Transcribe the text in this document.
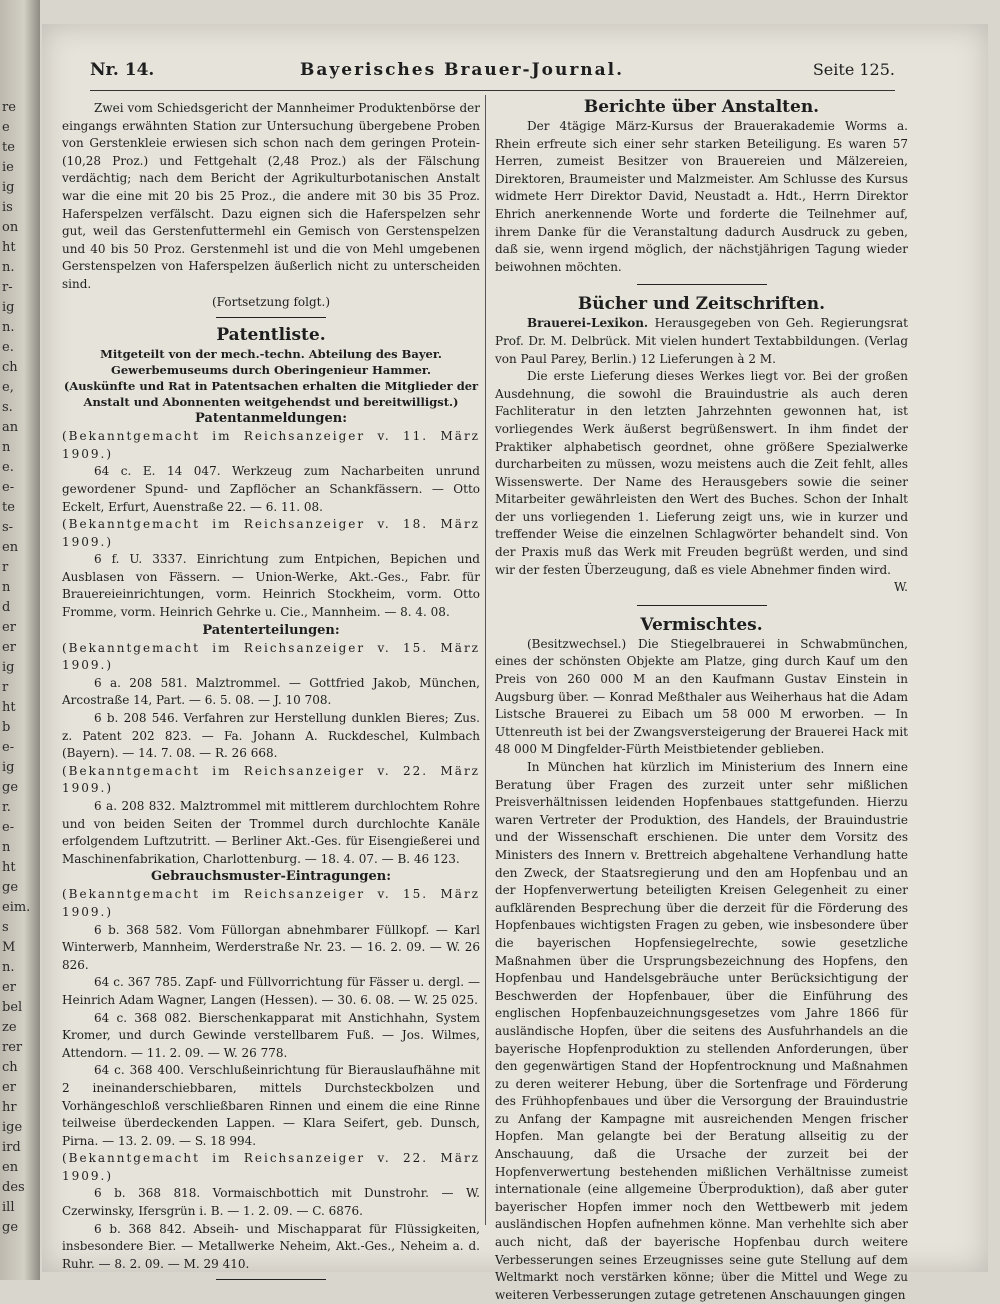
re
e
te
ie
ig
is
on
ht
n.
r-
ig
n.
e.
ch
e,
s.
an
n
e.
e-
te
s-
en
r
n
d
er
er
ig
r
ht
b
e-
ig
ge
r.
e-
n
ht
ge
eim.
s
M
n.
er
bel
ze
rer
ch
er
hr
ige
ird
en
des
ill
ge
Nr. 14.	Bayerisches Brauer-Journal.	Seite 125.

Zwei vom Schiedsgericht der Mannheimer Produktenbörse der eingangs erwähnten Station zur Untersuchung übergebene Proben von Gerstenkleie erwiesen sich schon nach dem geringen Protein- (10,28 Proz.) und Fettgehalt (2,48 Proz.) als der Fälschung verdächtig; nach dem Bericht der Agrikulturbotanischen Anstalt war die eine mit 20 bis 25 Proz., die andere mit 30 bis 35 Proz. Haferspelzen verfälscht. Dazu eignen sich die Haferspelzen sehr gut, weil das Gerstenfuttermehl ein Gemisch von Gerstenspelzen und 40 bis 50 Proz. Gerstenmehl ist und die von Mehl umgebenen Gerstenspelzen von Haferspelzen äußerlich nicht zu unterscheiden sind.

(Fortsetzung folgt.)

Patentliste.

Mitgeteilt von der mech.-techn. Abteilung des Bayer. Gewerbemuseums durch Oberingenieur Hammer.

(Auskünfte und Rat in Patentsachen erhalten die Mitglieder der Anstalt und Abonnenten weitgehendst und bereitwilligst.)

Patentanmeldungen:

(Bekanntgemacht im Reichsanzeiger v. 11. März 1909.)

64 c. E. 14 047. Werkzeug zum Nacharbeiten unrund gewordener Spund- und Zapflöcher an Schankfässern. — Otto Eckelt, Erfurt, Auenstraße 22. — 6. 11. 08.

(Bekanntgemacht im Reichsanzeiger v. 18. März 1909.)

6 f. U. 3337. Einrichtung zum Entpichen, Bepichen und Ausblasen von Fässern. — Union-Werke, Akt.-Ges., Fabr. für Brauereieinrichtungen, vorm. Heinrich Stockheim, vorm. Otto Fromme, vorm. Heinrich Gehrke u. Cie., Mannheim. — 8. 4. 08.

Patenterteilungen:

(Bekanntgemacht im Reichsanzeiger v. 15. März 1909.)

6 a. 208 581. Malztrommel. — Gottfried Jakob, München, Arcostraße 14, Part. — 6. 5. 08. — J. 10 708.

6 b. 208 546. Verfahren zur Herstellung dunklen Bieres; Zus. z. Patent 202 823. — Fa. Johann A. Ruckdeschel, Kulmbach (Bayern). — 14. 7. 08. — R. 26 668.

(Bekanntgemacht im Reichsanzeiger v. 22. März 1909.)

6 a. 208 832. Malztrommel mit mittlerem durchlochtem Rohre und von beiden Seiten der Trommel durch durchlochte Kanäle erfolgendem Luftzutritt. — Berliner Akt.-Ges. für Eisengießerei und Maschinenfabrikation, Charlottenburg. — 18. 4. 07. — B. 46 123.

Gebrauchsmuster-Eintragungen:

(Bekanntgemacht im Reichsanzeiger v. 15. März 1909.)

6 b. 368 582. Vom Füllorgan abnehmbarer Füllkopf. — Karl Winterwerb, Mannheim, Werderstraße Nr. 23. — 16. 2. 09. — W. 26 826.

64 c. 367 785. Zapf- und Füllvorrichtung für Fässer u. dergl. — Heinrich Adam Wagner, Langen (Hessen). — 30. 6. 08. — W. 25 025.

64 c. 368 082. Bierschenkapparat mit Anstichhahn, System Kromer, und durch Gewinde verstellbarem Fuß. — Jos. Wilmes, Attendorn. — 11. 2. 09. — W. 26 778.

64 c. 368 400. Verschlußeinrichtung für Bierauslaufhähne mit 2 ineinanderschiebbaren, mittels Durchsteckbolzen und Vorhängeschloß verschließbaren Rinnen und einem die eine Rinne teilweise überdeckenden Lappen. — Klara Seifert, geb. Dunsch, Pirna. — 13. 2. 09. — S. 18 994.

(Bekanntgemacht im Reichsanzeiger v. 22. März 1909.)

6 b. 368 818. Vormaischbottich mit Dunstrohr. — W. Czerwinsky, Ifersgrün i. B. — 1. 2. 09. — C. 6876.

6 b. 368 842. Abseih- und Mischapparat für Flüssigkeiten, insbesondere Bier. — Metallwerke Neheim, Akt.-Ges., Neheim a. d. Ruhr. — 8. 2. 09. — M. 29 410.

Berichte über Anstalten.

Der 4tägige März-Kursus der Brauerakademie Worms a. Rhein erfreute sich einer sehr starken Beteiligung. Es waren 57 Herren, zumeist Besitzer von Brauereien und Mälzereien, Direktoren, Braumeister und Malzmeister. Am Schlusse des Kursus widmete Herr Direktor David, Neustadt a. Hdt., Herrn Direktor Ehrich anerkennende Worte und forderte die Teilnehmer auf, ihrem Danke für die Veranstaltung dadurch Ausdruck zu geben, daß sie, wenn irgend möglich, der nächstjährigen Tagung wieder beiwohnen möchten.

Bücher und Zeitschriften.

Brauerei-Lexikon. Herausgegeben von Geh. Regierungsrat Prof. Dr. M. Delbrück. Mit vielen hundert Textabbildungen. (Verlag von Paul Parey, Berlin.) 12 Lieferungen à 2 M.

Die erste Lieferung dieses Werkes liegt vor. Bei der großen Ausdehnung, die sowohl die Brauindustrie als auch deren Fachliteratur in den letzten Jahrzehnten gewonnen hat, ist vorliegendes Werk äußerst begrüßenswert. In ihm findet der Praktiker alphabetisch geordnet, ohne größere Spezialwerke durcharbeiten zu müssen, wozu meistens auch die Zeit fehlt, alles Wissenswerte. Der Name des Herausgebers sowie die seiner Mitarbeiter gewährleisten den Wert des Buches. Schon der Inhalt der uns vorliegenden 1. Lieferung zeigt uns, wie in kurzer und treffender Weise die einzelnen Schlagwörter behandelt sind. Von der Praxis muß das Werk mit Freuden begrüßt werden, und sind wir der festen Überzeugung, daß es viele Abnehmer finden wird.

W.

Vermischtes.

(Besitzwechsel.) Die Stiegelbrauerei in Schwabmünchen, eines der schönsten Objekte am Platze, ging durch Kauf um den Preis von 260 000 M an den Kaufmann Gustav Einstein in Augsburg über. — Konrad Meßthaler aus Weiherhaus hat die Adam Listsche Brauerei zu Eibach um 58 000 M erworben. — In Uttenreuth ist bei der Zwangsversteigerung der Brauerei Hack mit 48 000 M Dingfelder-Fürth Meistbietender geblieben.

In München hat kürzlich im Ministerium des Innern eine Beratung über Fragen des zurzeit unter sehr mißlichen Preisverhältnissen leidenden Hopfenbaues stattgefunden. Hierzu waren Vertreter der Produktion, des Handels, der Brauindustrie und der Wissenschaft erschienen. Die unter dem Vorsitz des Ministers des Innern v. Brettreich abgehaltene Verhandlung hatte den Zweck, der Staatsregierung und den am Hopfenbau und an der Hopfenverwertung beteiligten Kreisen Gelegenheit zu einer aufklärenden Besprechung über die derzeit für die Förderung des Hopfenbaues wichtigsten Fragen zu geben, wie insbesondere über die bayerischen Hopfensiegelrechte, sowie gesetzliche Maßnahmen über die Ursprungsbezeichnung des Hopfens, den Hopfenbau und Handelsgebräuche unter Berücksichtigung der Beschwerden der Hopfenbauer, über die Einführung des englischen Hopfenbauzeichnungsgesetzes vom Jahre 1866 für ausländische Hopfen, über die seitens des Ausfuhrhandels an die bayerische Hopfenproduktion zu stellenden Anforderungen, über den gegenwärtigen Stand der Hopfentrocknung und Maßnahmen zu deren weiterer Hebung, über die Sortenfrage und Förderung des Frühhopfenbaues und über die Versorgung der Brauindustrie zu Anfang der Kampagne mit ausreichenden Mengen frischer Hopfen. Man gelangte bei der Beratung allseitig zu der Anschauung, daß die Ursache der zurzeit bei der Hopfenverwertung bestehenden mißlichen Verhältnisse zumeist internationale (eine allgemeine Überproduktion), daß aber guter bayerischer Hopfen immer noch den Wettbewerb mit jedem ausländischen Hopfen aufnehmen könne. Man verhehlte sich aber auch nicht, daß der bayerische Hopfenbau durch weitere Verbesserungen seines Erzeugnisses seine gute Stellung auf dem Weltmarkt noch verstärken könne; über die Mittel und Wege zu weiteren Verbesserungen zutage getretenen Anschauungen gingen
